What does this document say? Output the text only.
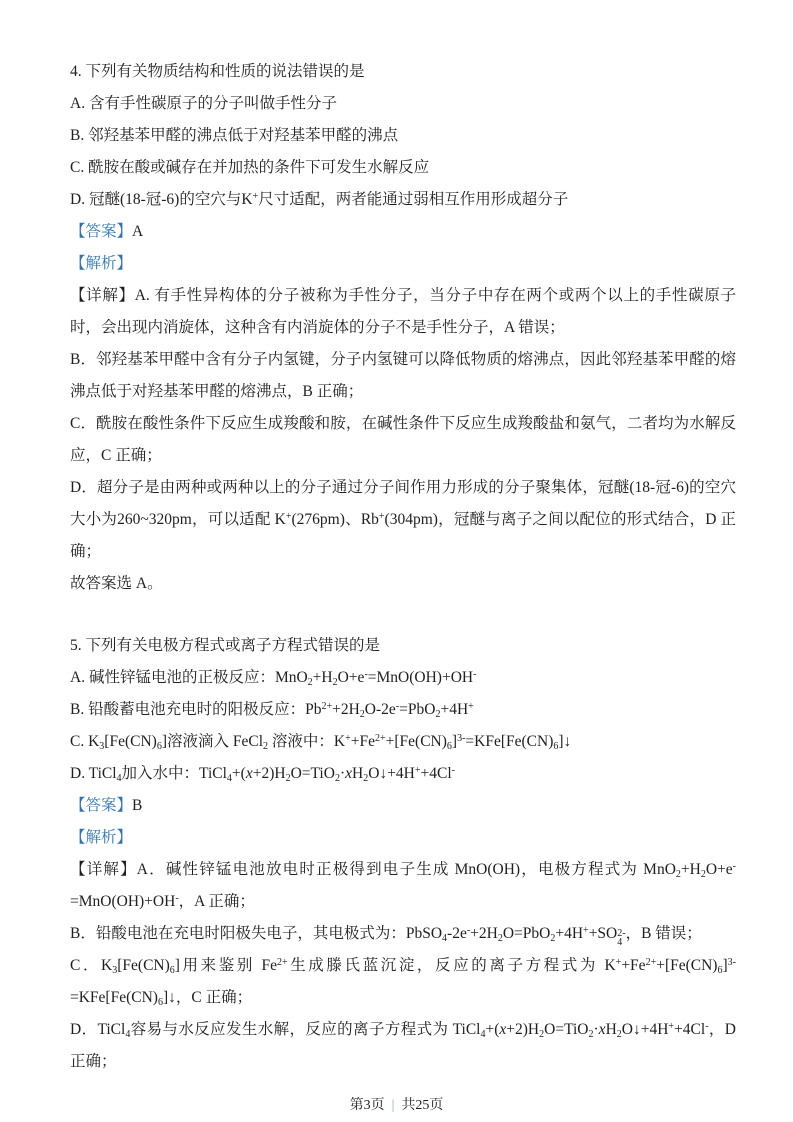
4. 下列有关物质结构和性质的说法错误的是

A. 含有手性碳原子的分子叫做手性分子

B. 邻羟基苯甲醛的沸点低于对羟基苯甲醛的沸点

C. 酰胺在酸或碱存在并加热的条件下可发生水解反应

D. 冠醚(18-冠-6)的空穴与K+尺寸适配，两者能通过弱相互作用形成超分子

【答案】A

【解析】

【详解】A. 有手性异构体的分子被称为手性分子，当分子中存在两个或两个以上的手性碳原子时，会出现内消旋体，这种含有内消旋体的分子不是手性分子，A 错误；

B．邻羟基苯甲醛中含有分子内氢键，分子内氢键可以降低物质的熔沸点，因此邻羟基苯甲醛的熔沸点低于对羟基苯甲醛的熔沸点，B 正确；

C．酰胺在酸性条件下反应生成羧酸和胺，在碱性条件下反应生成羧酸盐和氨气，二者均为水解反应，C 正确；

D．超分子是由两种或两种以上的分子通过分子间作用力形成的分子聚集体，冠醚(18-冠-6)的空穴大小为260~320pm，可以适配 K+(276pm)、Rb+(304pm)，冠醚与离子之间以配位的形式结合，D 正确；

故答案选 A。

5. 下列有关电极方程式或离子方程式错误的是

A. 碱性锌锰电池的正极反应：$MnO_2+H_2O+e^-=MnO(OH)+OH^-$

B. 铅酸蓄电池充电时的阳极反应：$Pb^{2+}+2H_2O-2e^-=PbO_2+4H^+$

C. $K_3[Fe(CN)_6]$溶液滴入 FeCl$_2$ 溶液中：$K^++Fe^{2+}+[Fe(CN)_6]^{3-}=KFe[Fe(CN)_6]↓$

D. TiCl$_4$加入水中：$TiCl_4+(x+2)H_2O=TiO_2\cdot xH_2O↓+4H^++4Cl^-$

【答案】B

【解析】

【详解】A．碱性锌锰电池放电时正极得到电子生成 MnO(OH)，电极方程式为 $MnO_2+H_2O+e^-=MnO(OH)+OH^-$，A 正确；

B．铅酸电池在充电时阳极失电子，其电极式为：$PbSO_4-2e^-+2H_2O=PbO_2+4H^++SO$ 2-
4
，B 错误；

C．$K_3[Fe(CN)_6]$用来鉴别 $Fe^{2+}$生成滕氏蓝沉淀，反应的离子方程式为 $K^++Fe^{2+}+[Fe(CN)_6]^{3-}=KFe[Fe(CN)_6]↓$，C 正确；

D．TiCl$_4$容易与水反应发生水解，反应的离子方程式为 $TiCl_4+(x+2)H_2O=TiO_2\cdot xH_2O↓+4H^++4Cl^-$，D 正确；

第3页 | 共25页
